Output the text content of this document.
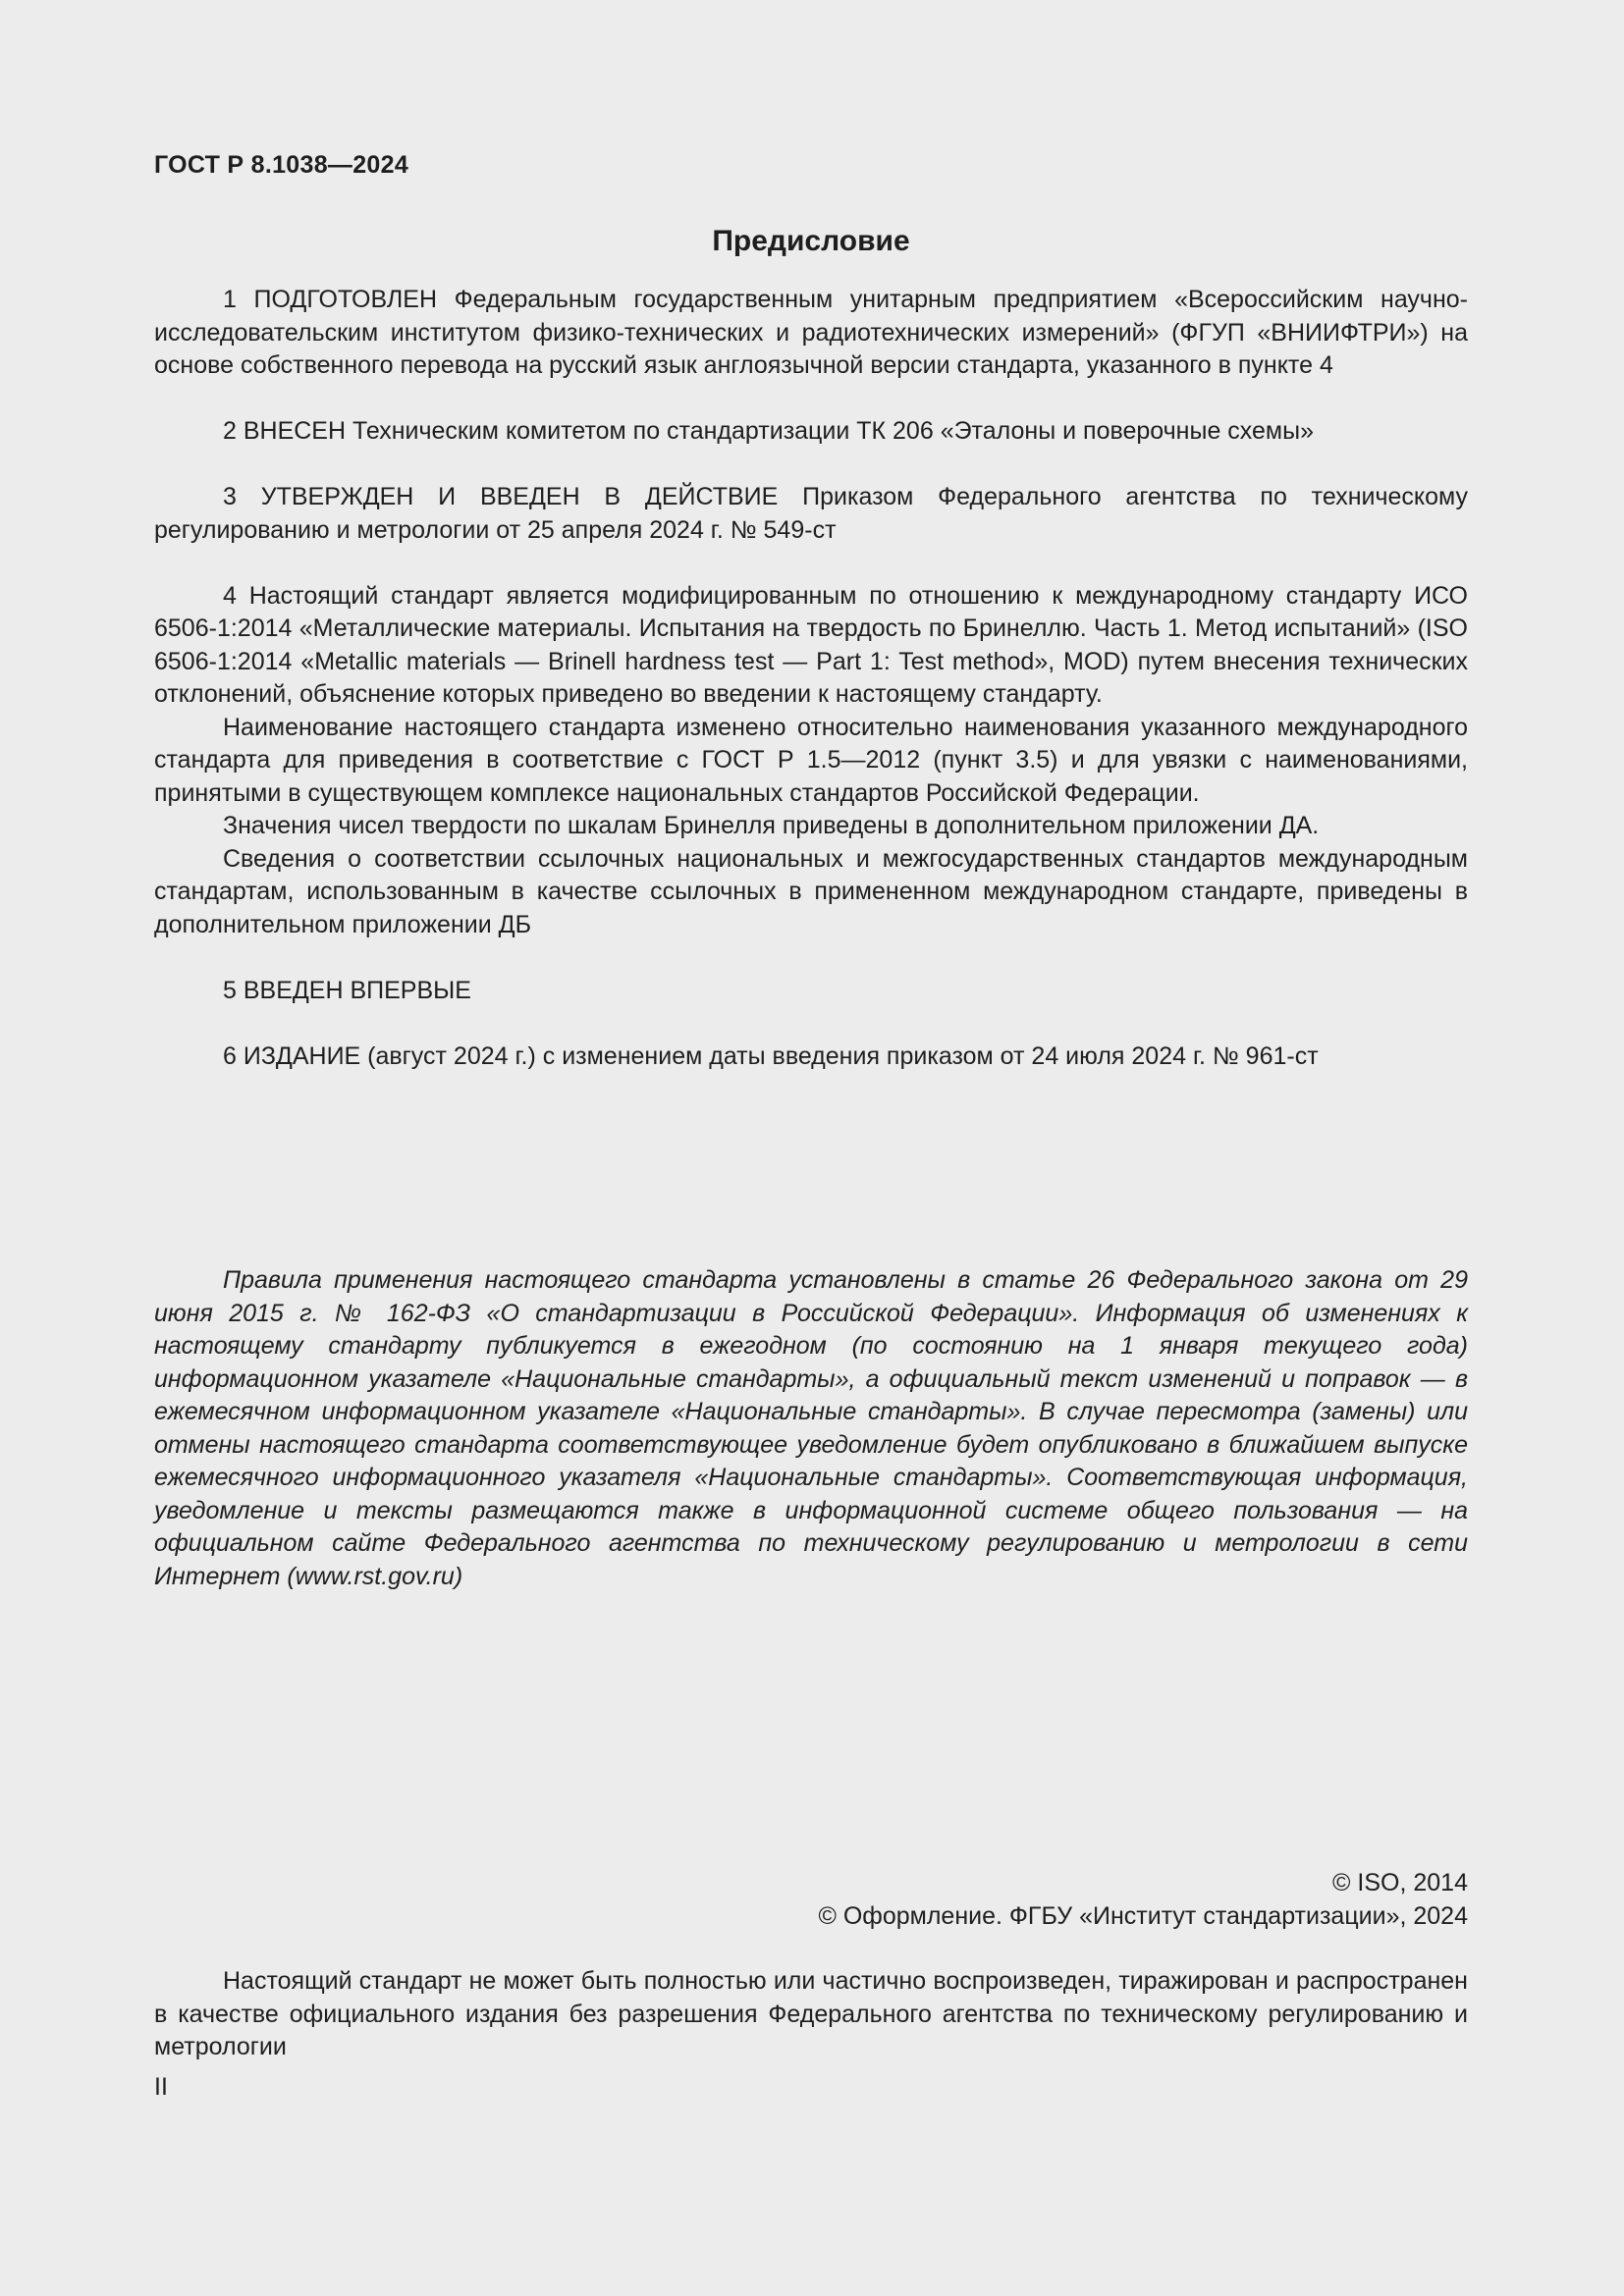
ГОСТ Р 8.1038—2024
Предисловие

1 ПОДГОТОВЛЕН Федеральным государственным унитарным предприятием «Всероссийским научно-исследовательским институтом физико-технических и радиотехнических измерений» (ФГУП «ВНИИФТРИ») на основе собственного перевода на русский язык англоязычной версии стандарта, указанного в пункте 4

2 ВНЕСЕН Техническим комитетом по стандартизации ТК 206 «Эталоны и поверочные схемы»

3 УТВЕРЖДЕН И ВВЕДЕН В ДЕЙСТВИЕ Приказом Федерального агентства по техническому регулированию и метрологии от 25 апреля 2024 г. № 549-ст

4 Настоящий стандарт является модифицированным по отношению к международному стандарту ИСО 6506-1:2014 «Металлические материалы. Испытания на твердость по Бринеллю. Часть 1. Метод испытаний» (ISO 6506-1:2014 «Metallic materials — Brinell hardness test — Part 1: Test method», MOD) путем внесения технических отклонений, объяснение которых приведено во введении к настоящему стандарту.

Наименование настоящего стандарта изменено относительно наименования указанного международного стандарта для приведения в соответствие с ГОСТ Р 1.5—2012 (пункт 3.5) и для увязки с наименованиями, принятыми в существующем комплексе национальных стандартов Российской Федерации.

Значения чисел твердости по шкалам Бринелля приведены в дополнительном приложении ДА.

Сведения о соответствии ссылочных национальных и межгосударственных стандартов международным стандартам, использованным в качестве ссылочных в примененном международном стандарте, приведены в дополнительном приложении ДБ

5 ВВЕДЕН ВПЕРВЫЕ

6 ИЗДАНИЕ (август 2024 г.) с изменением даты введения приказом от 24 июля 2024 г. № 961-ст

Правила применения настоящего стандарта установлены в статье 26 Федерального закона от 29 июня 2015 г. № 162-ФЗ «О стандартизации в Российской Федерации». Информация об изменениях к настоящему стандарту публикуется в ежегодном (по состоянию на 1 января текущего года) информационном указателе «Национальные стандарты», а официальный текст изменений и поправок — в ежемесячном информационном указателе «Национальные стандарты». В случае пересмотра (замены) или отмены настоящего стандарта соответствующее уведомление будет опубликовано в ближайшем выпуске ежемесячного информационного указателя «Национальные стандарты». Соответствующая информация, уведомление и тексты размещаются также в информационной системе общего пользования — на официальном сайте Федерального агентства по техническому регулированию и метрологии в сети Интернет (www.rst.gov.ru)

© ISO, 2014
© Оформление. ФГБУ «Институт стандартизации», 2024

Настоящий стандарт не может быть полностью или частично воспроизведен, тиражирован и распространен в качестве официального издания без разрешения Федерального агентства по техническому регулированию и метрологии

II
